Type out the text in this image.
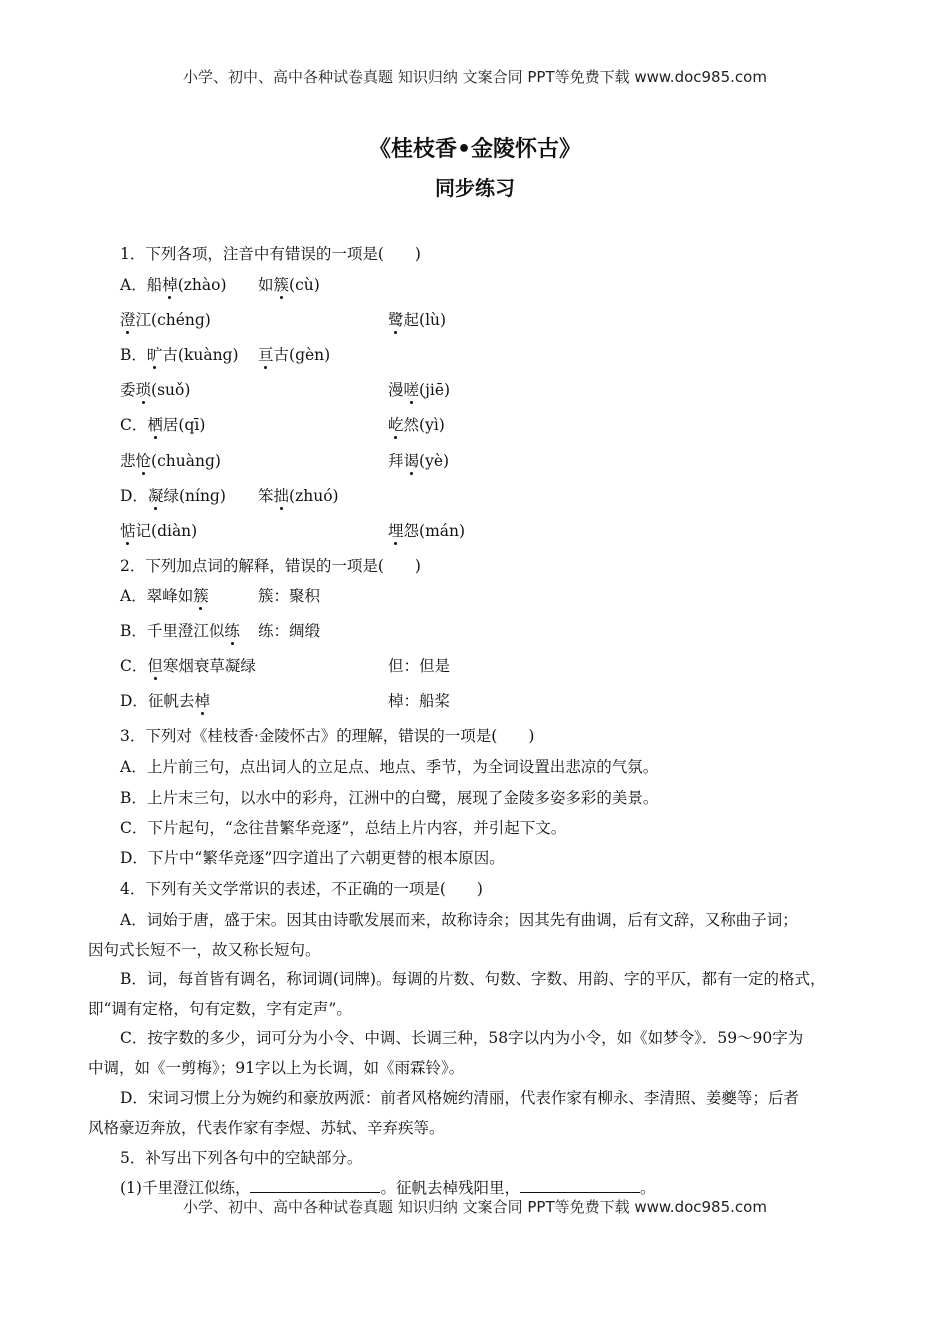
小学、初中、高中各种试卷真题 知识归纳 文案合同 PPT等免费下载 www.doc985.com
《桂枝香•金陵怀古》
同步练习
1．下列各项，注音中有错误的一项是(　　)
A．船棹(zhào) 如簇(cù)
澄江(chénɡ)	鹭起(lù)
B．旷古(kuànɡ) 亘古(ɡèn)
委琐(suǒ)	漫嗟(jiē)
C．栖居(qī)	屹然(yì)
悲怆(chuànɡ)	拜谒(yè)
D．凝绿(nínɡ) 笨拙(zhuó)
惦记(diàn)	埋怨(mán)
2．下列加点词的解释，错误的一项是(　　)
A．翠峰如簇	簇：聚积
B．千里澄江似练 练：绸缎
C．但寒烟衰草凝绿	但：但是
D．征帆去棹	棹：船桨
3．下列对《桂枝香·金陵怀古》的理解，错误的一项是(　　)
A．上片前三句，点出词人的立足点、地点、季节，为全词设置出悲凉的气氛。
B．上片末三句，以水中的彩舟，江洲中的白鹭，展现了金陵多姿多彩的美景。
C．下片起句，“念往昔繁华竞逐”，总结上片内容，并引起下文。
D．下片中“繁华竞逐”四字道出了六朝更替的根本原因。
4．下列有关文学常识的表述，不正确的一项是(　　)
A．词始于唐，盛于宋。因其由诗歌发展而来，故称诗余；因其先有曲调，后有文辞，又称曲子词；
因句式长短不一，故又称长短句。
B．词，每首皆有调名，称词调(词牌)。每调的片数、句数、字数、用韵、字的平仄，都有一定的格式，
即“调有定格，句有定数，字有定声”。
C．按字数的多少，词可分为小令、中调、长调三种，58字以内为小令，如《如梦令》．59～90字为
中调，如《一剪梅》；91字以上为长调，如《雨霖铃》。
D．宋词习惯上分为婉约和豪放两派：前者风格婉约清丽，代表作家有柳永、李清照、姜夔等；后者
风格豪迈奔放，代表作家有李煜、苏轼、辛弃疾等。
5．补写出下列各句中的空缺部分。
(1)千里澄江似练，	。征帆去棹残阳里，	。
小学、初中、高中各种试卷真题 知识归纳 文案合同 PPT等免费下载 www.doc985.com
